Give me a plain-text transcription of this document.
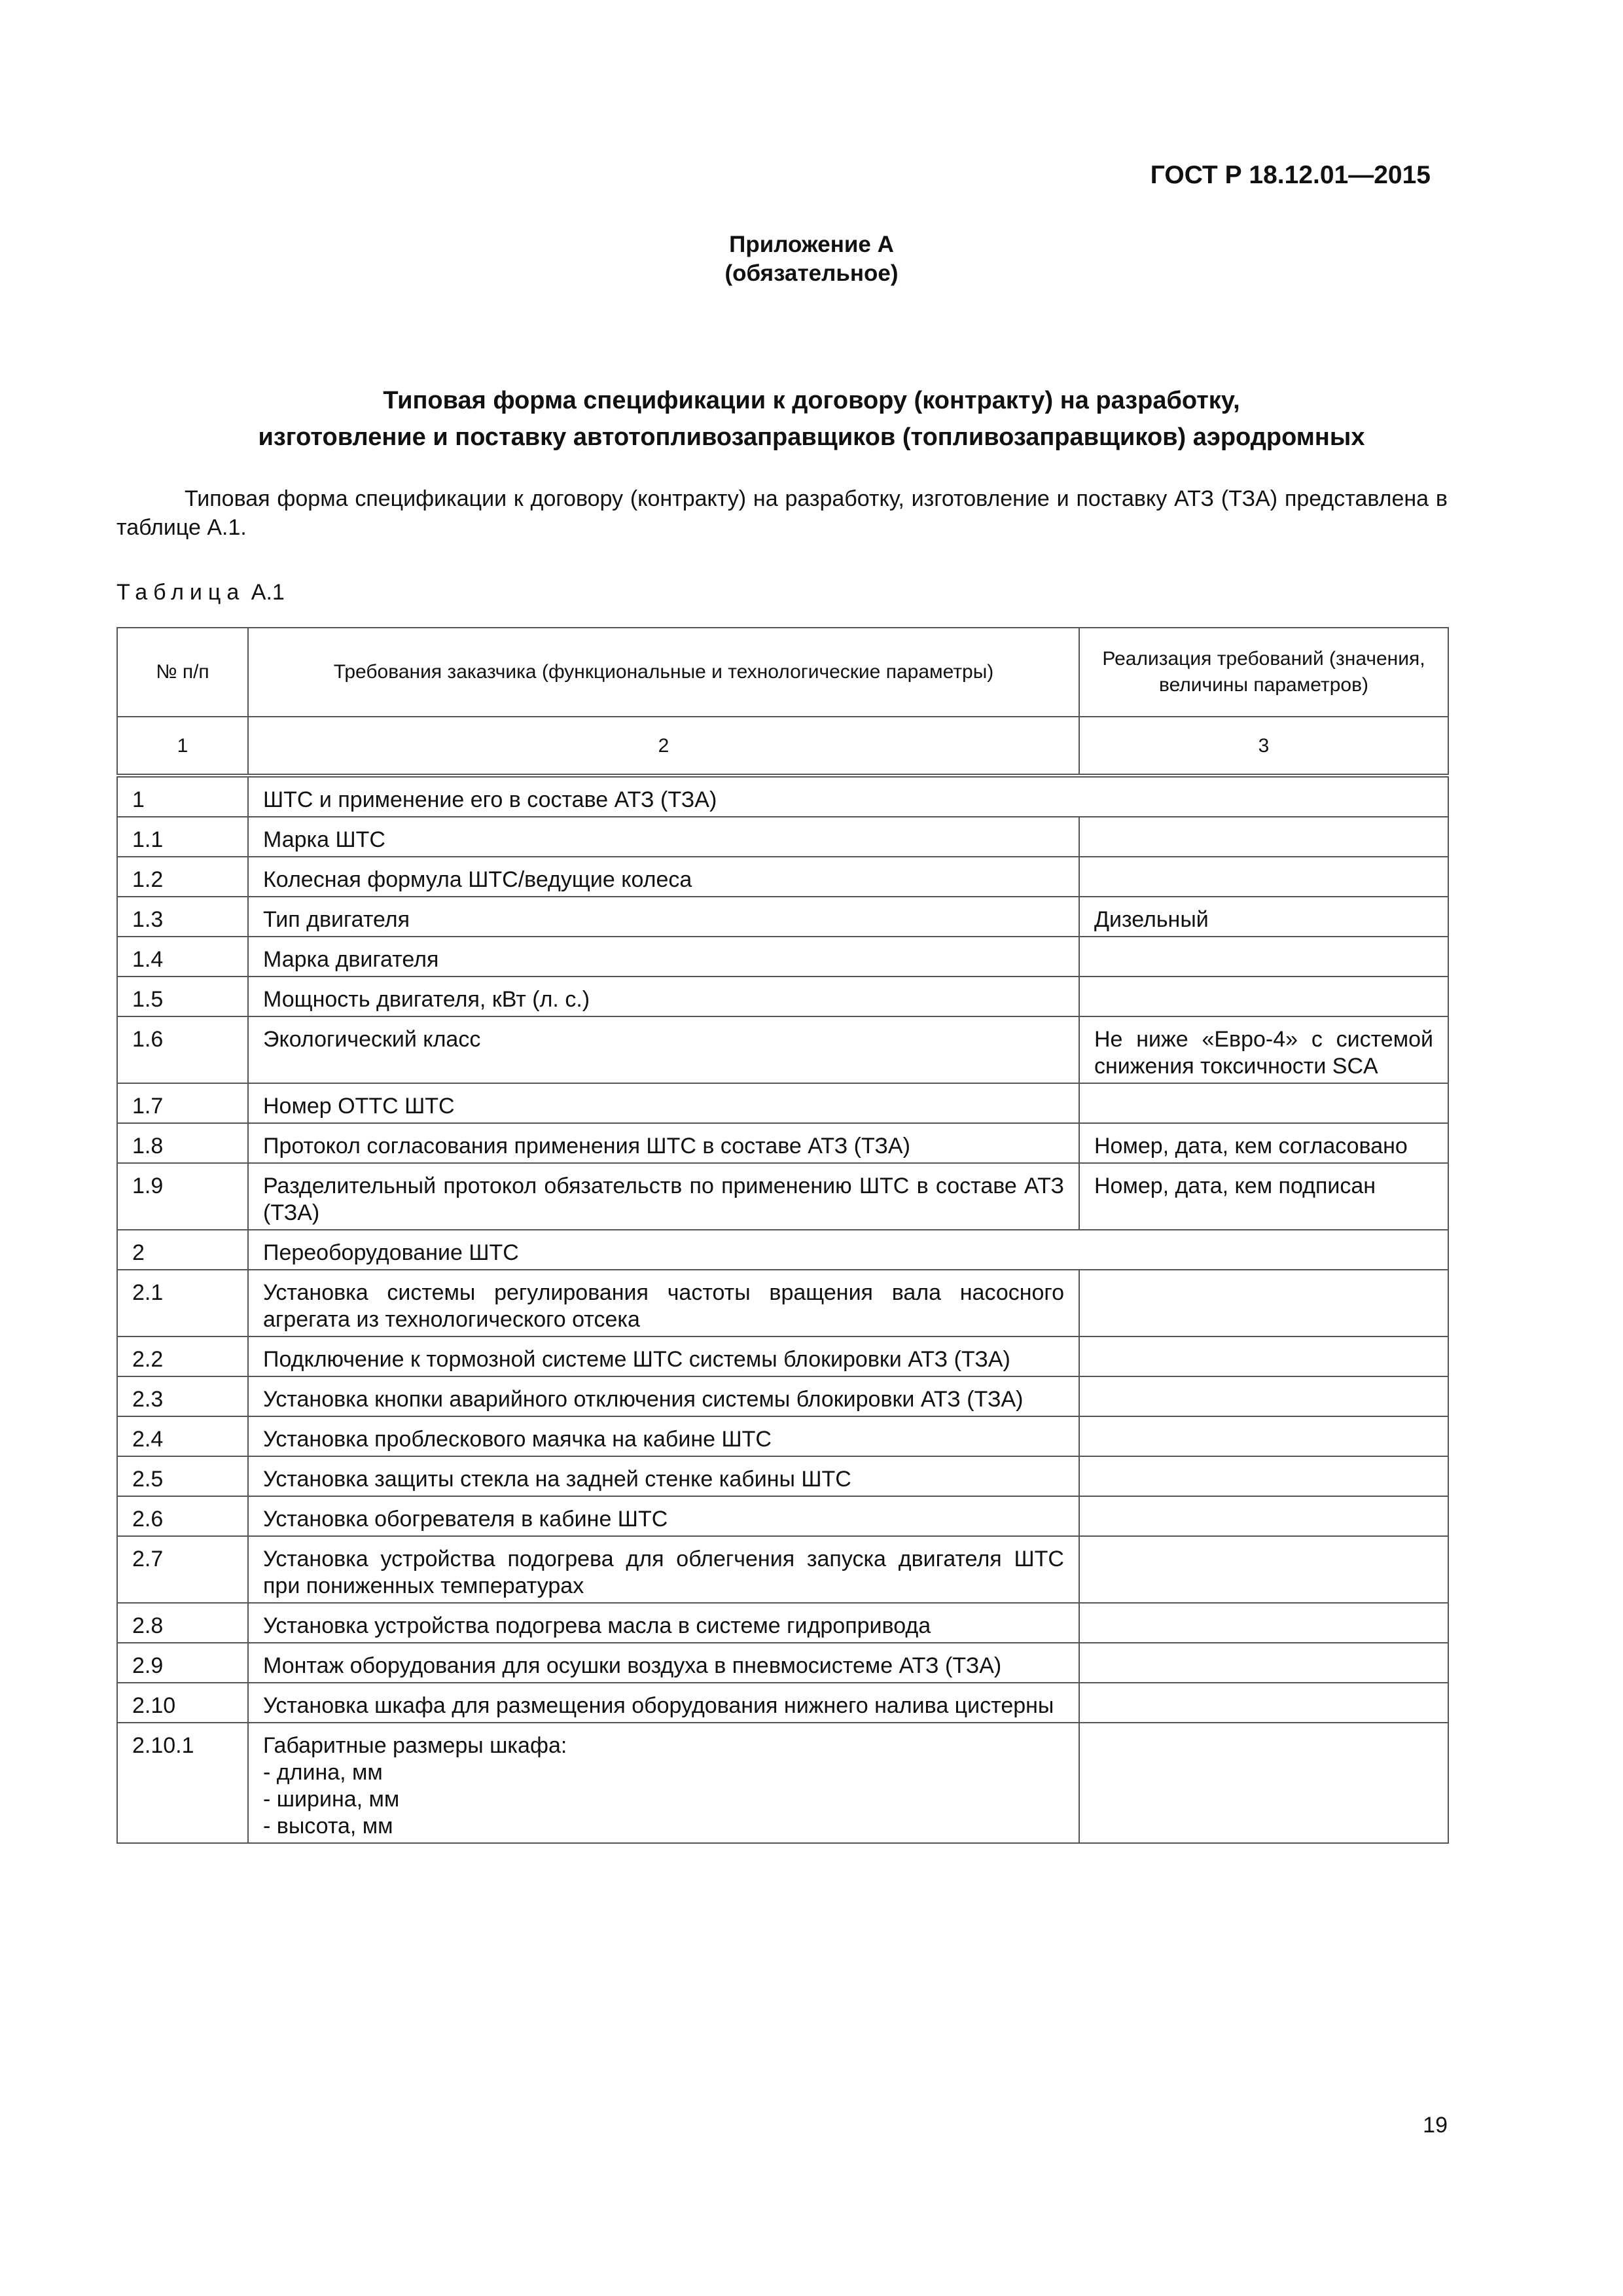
ГОСТ Р 18.12.01—2015
Приложение А
(обязательное)
Типовая форма спецификации к договору (контракту) на разработку,
изготовление и поставку автотопливозаправщиков (топливозаправщиков) аэродромных

Типовая форма спецификации к договору (контракту) на разработку, изготовление и поставку АТЗ (ТЗА) представлена в таблице А.1.

Таблица А.1
№ п/п	Требования заказчика (функциональные и технологические параметры)	Реализация требований (значения, величины параметров)
1	2	3
1	ШТС и применение его в составе АТЗ (ТЗА)	
1.1	Марка ШТС	
1.2	Колесная формула ШТС/ведущие колеса	
1.3	Тип двигателя	Дизельный
1.4	Марка двигателя	
1.5	Мощность двигателя, кВт (л. с.)	
1.6	Экологический класс	Не ниже «Евро-4» с системой снижения токсичности SCA
1.7	Номер ОТТС ШТС	
1.8	Протокол согласования применения ШТС в составе АТЗ (ТЗА)	Номер, дата, кем согласовано
1.9	Разделительный протокол обязательств по применению ШТС в составе АТЗ (ТЗА)	Номер, дата, кем подписан
2	Переоборудование ШТС	
2.1	Установка системы регулирования частоты вращения вала насосного агрегата из технологического отсека	
2.2	Подключение к тормозной системе ШТС системы блокировки АТЗ (ТЗА)	
2.3	Установка кнопки аварийного отключения системы блокировки АТЗ (ТЗА)	
2.4	Установка проблескового маячка на кабине ШТС	
2.5	Установка защиты стекла на задней стенке кабины ШТС	
2.6	Установка обогревателя в кабине ШТС	
2.7	Установка устройства подогрева для облегчения запуска двигателя ШТС при пониженных температурах	
2.8	Установка устройства подогрева масла в системе гидропривода	
2.9	Монтаж оборудования для осушки воздуха в пневмосистеме АТЗ (ТЗА)	
2.10	Установка шкафа для размещения оборудования нижнего налива цистерны	
2.10.1	Габаритные размеры шкафа:
- длина, мм
- ширина, мм
- высота, мм	
19
